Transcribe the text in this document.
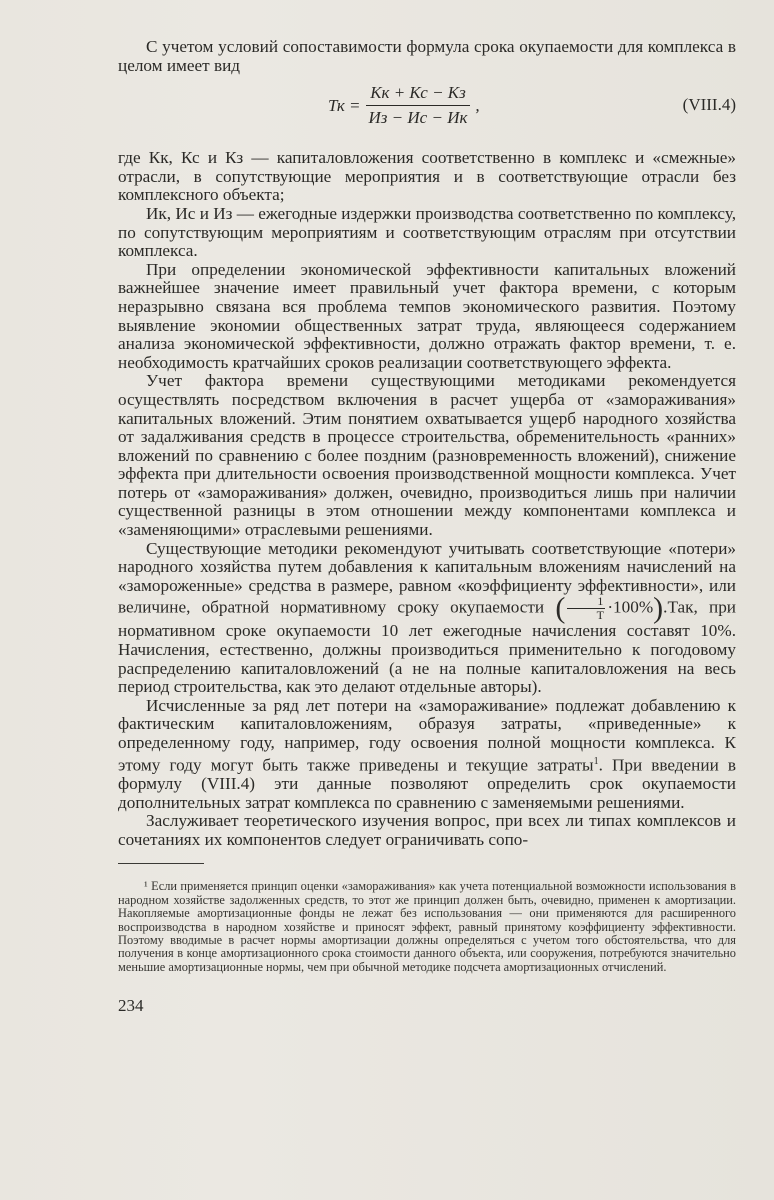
С учетом условий сопоставимости формула срока окупаемости для комплекса в целом имеет вид

Тк = $\frac{Кк + Кс - Кз}{Из - Ис - Ик}$ ,	(VIII.4)

где Кк, Кс и Кз — капиталовложения соответственно в комплекс и «смежные» отрасли, в сопутствующие мероприятия и в соответствующие отрасли без комплексного объекта;

Ик, Ис и Из — ежегодные издержки производства соответственно по комплексу, по сопутствующим мероприятиям и соответствующим отраслям при отсутствии комплекса.

При определении экономической эффективности капитальных вложений важнейшее значение имеет правильный учет фактора времени, с которым неразрывно связана вся проблема темпов экономического развития. Поэтому выявление экономии общественных затрат труда, являющееся содержанием анализа экономической эффективности, должно отражать фактор времени, т. е. необходимость кратчайших сроков реализации соответствующего эффекта.

Учет фактора времени существующими методиками рекомендуется осуществлять посредством включения в расчет ущерба от «замораживания» капитальных вложений. Этим понятием охватывается ущерб народного хозяйства от задалживания средств в процессе строительства, обременительность «ранних» вложений по сравнению с более поздним (разновременность вложений), снижение эффекта при длительности освоения производственной мощности комплекса. Учет потерь от «замораживания» должен, очевидно, производиться лишь при наличии существенной разницы в этом отношении между компонентами комплекса и «заменяющими» отраслевыми решениями.

Существующие методики рекомендуют учитывать соответствующие «потери» народного хозяйства путем добавления к капитальным вложениям начислений на «замороженные» средства в размере, равном «коэффициенту эффективности», или величине, обратной нормативному сроку окупаемости ( $\frac{1}{T} \cdot 100\%).Так$, при нормативном сроке окупаемости 10 лет ежегодные начисления составят 10%. Начисления, естественно, должны производиться применительно к погодовому распределению капиталовложений (а не на полные капиталовложения на весь период строительства, как это делают отдельные авторы).

Исчисленные за ряд лет потери на «замораживание» подлежат добавлению к фактическим капиталовложениям, образуя затраты, «приведенные» к определенному году, например, году освоения полной мощности комплекса. К этому году могут быть также приведены и текущие затраты$^1$. При введении в формулу (VIII.4) эти данные позволяют определить срок окупаемости дополнительных затрат комплекса по сравнению с заменяемыми решениями.

Заслуживает теоретического изучения вопрос, при всех ли типах комплексов и сочетаниях их компонентов следует ограничивать сопо-

¹ Если применяется принцип оценки «замораживания» как учета потенциальной возможности использования в народном хозяйстве задолженных средств, то этот же принцип должен быть, очевидно, применен к амортизации. Накопляемые амортизационные фонды не лежат без использования — они применяются для расширенного воспроизводства в народном хозяйстве и приносят эффект, равный принятому коэффициенту эффективности. Поэтому вводимые в расчет нормы амортизации должны определяться с учетом того обстоятельства, что для получения в конце амортизационного срока стоимости данного объекта, или сооружения, потребуются значительно меньшие амортизационные нормы, чем при обычной методике подсчета амортизационных отчислений.

234
